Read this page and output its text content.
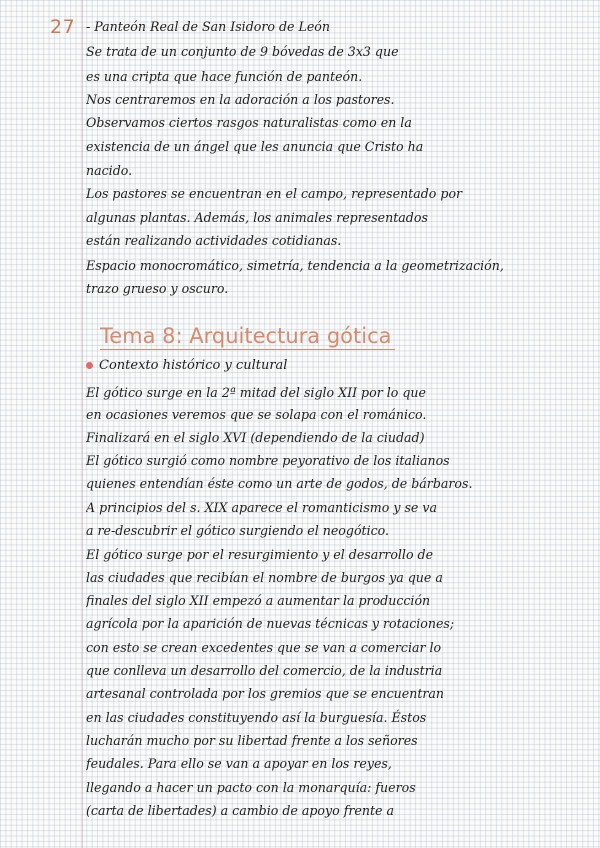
27 - Panteón Real de San Isidoro de León
Se trata de un conjunto de 9 bóvedas de 3x3 que
es una cripta que hace función de panteón.
Nos centraremos en la adoración a los pastores.
Observamos ciertos rasgos naturalistas como en la
existencia de un ángel que les anuncia que Cristo ha
nacido.
Los pastores se encuentran en el campo, representado por
algunas plantas. Además, los animales representados
están realizando actividades cotidianas.
Espacio monocromático, simetría, tendencia a la geometrización,
trazo grueso y oscuro.
Tema 8: Arquitectura gótica
Contexto histórico y cultural
El gótico surge en la 2ª mitad del siglo XII por lo que
en ocasiones veremos que se solapa con el románico.
Finalizará en el siglo XVI (dependiendo de la ciudad)
El gótico surgió como nombre peyorativo de los italianos
quienes entendían éste como un arte de godos, de bárbaros.
A principios del s. XIX aparece el romanticismo y se va
a re-descubrir el gótico surgiendo el neogótico.
El gótico surge por el resurgimiento y el desarrollo de
las ciudades que recibían el nombre de burgos ya que a
finales del siglo XII empezó a aumentar la producción
agrícola por la aparición de nuevas técnicas y rotaciones;
con esto se crean excedentes que se van a comerciar lo
que conlleva un desarrollo del comercio, de la industria
artesanal controlada por los gremios que se encuentran
en las ciudades constituyendo así la burguesía. Éstos
lucharán mucho por su libertad frente a los señores
feudales. Para ello se van a apoyar en los reyes,
llegando a hacer un pacto con la monarquía: fueros
(carta de libertades) a cambio de apoyo frente a
